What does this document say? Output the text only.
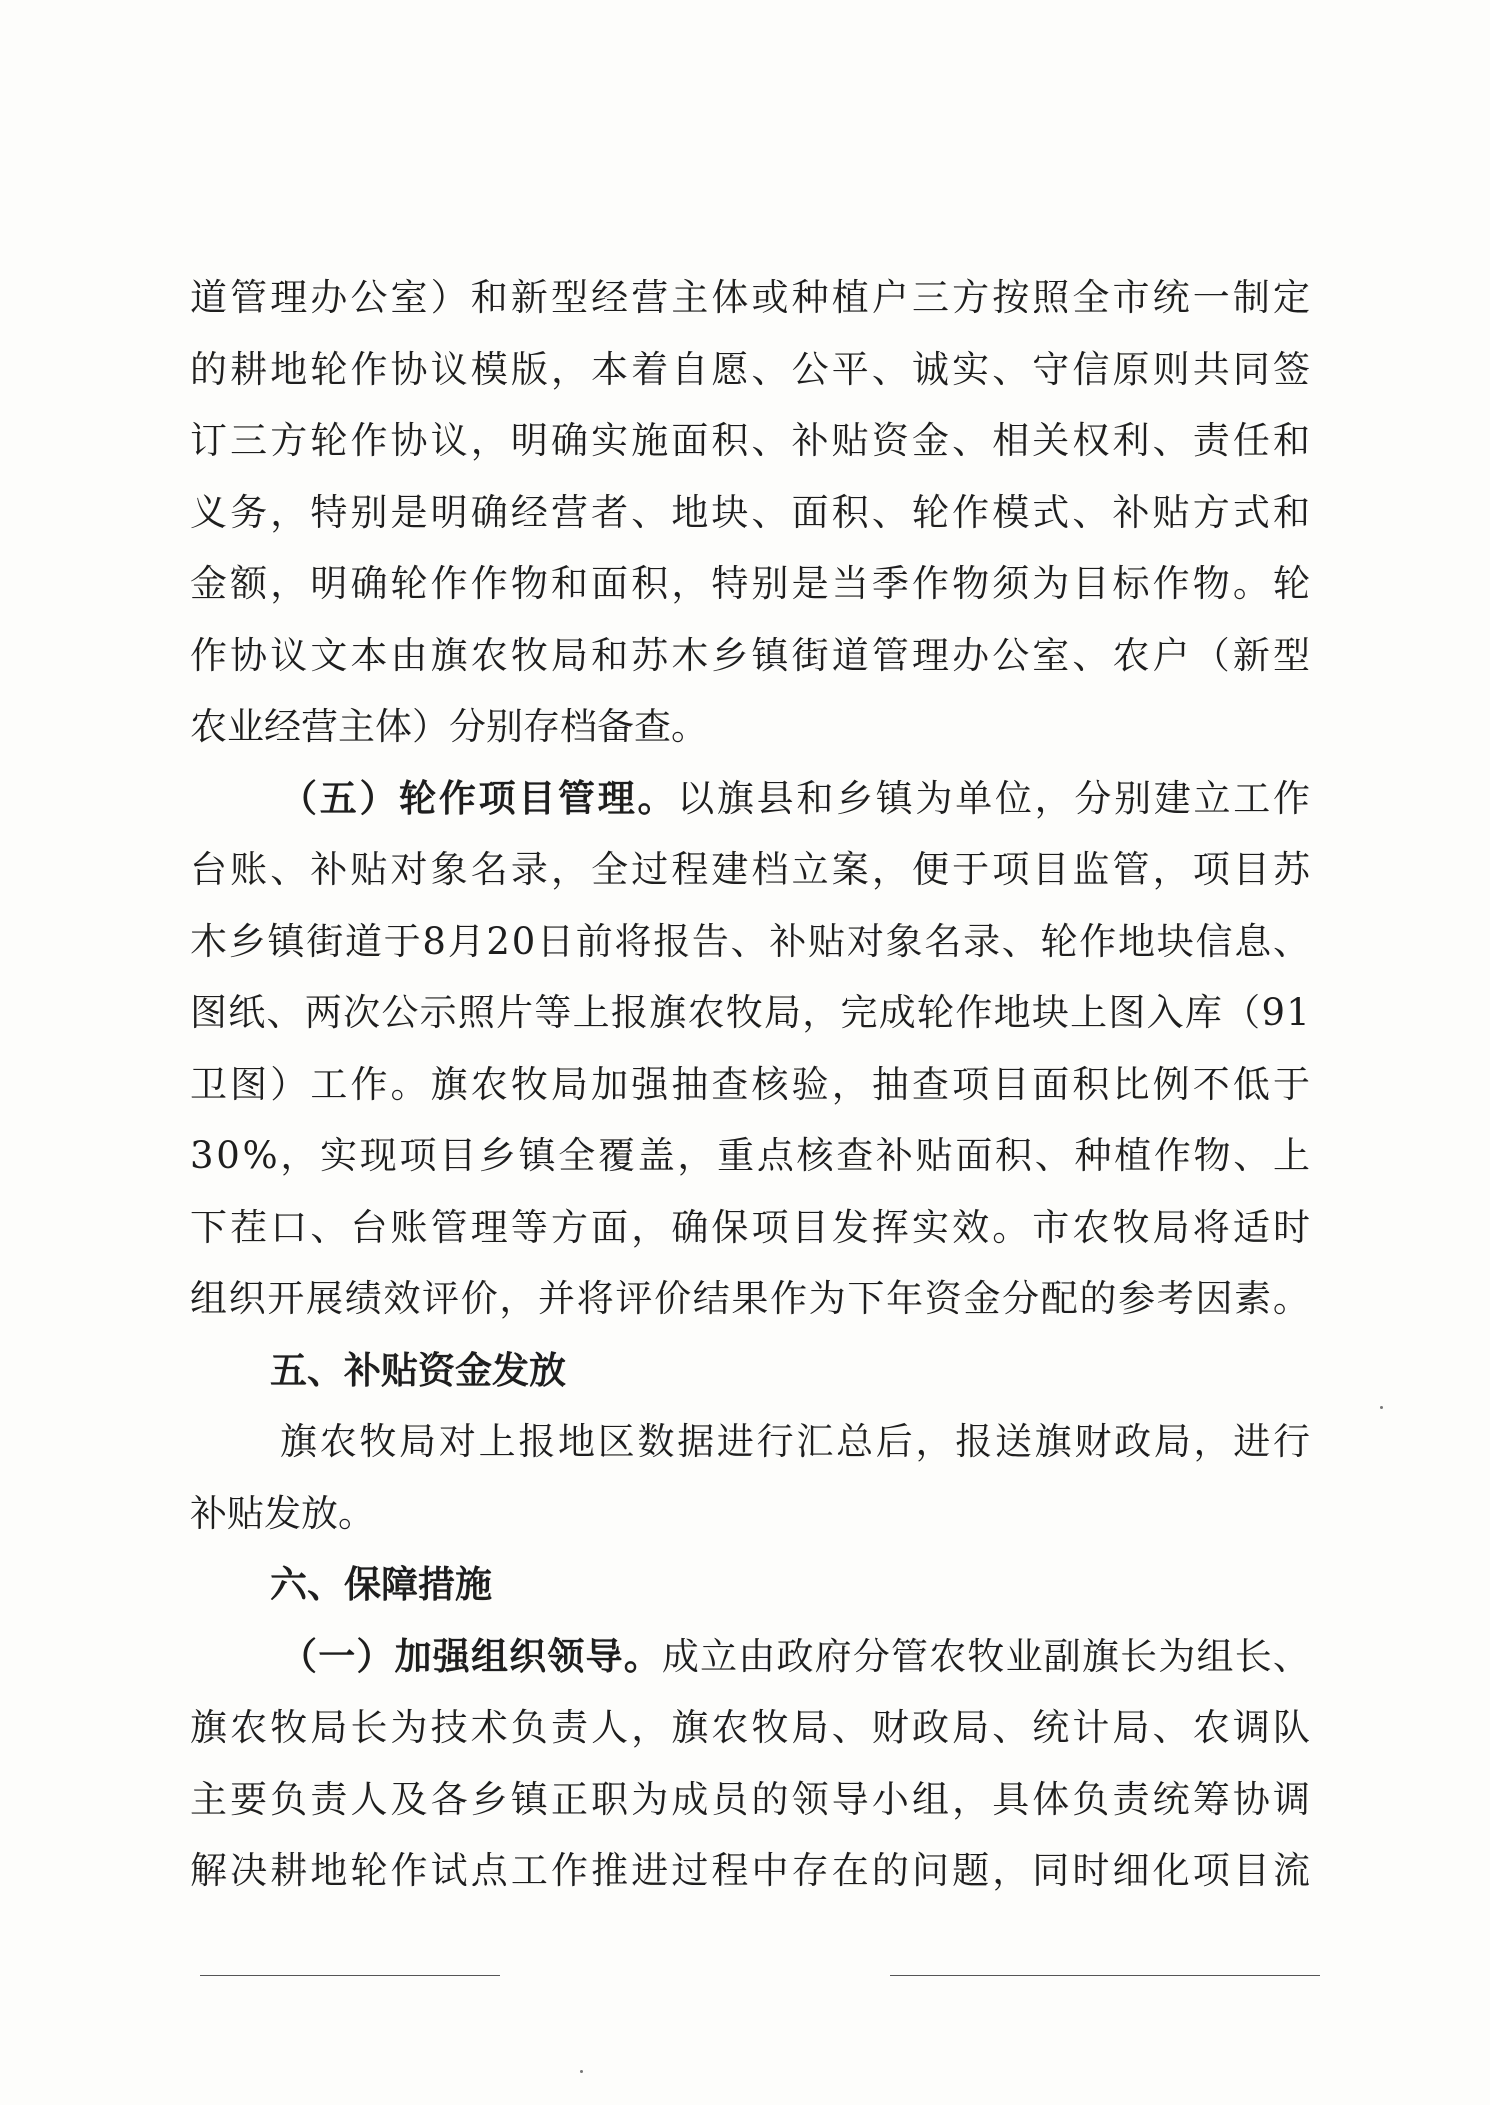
道 管 理 办 公 室 ） 和 新 型 经 营 主 体 或 种 植 户 三 方 按 照 全 市 统 一 制 定
的 耕 地 轮 作 协 议 模 版 ， 本 着 自 愿 、 公 平 、 诚 实 、 守 信 原 则 共 同 签
订 三 方 轮 作 协 议 ， 明 确 实 施 面 积 、 补 贴 资 金 、 相 关 权 利 、 责 任 和
义 务 ， 特 别 是 明 确 经 营 者 、 地 块 、 面 积 、 轮 作 模 式 、 补 贴 方 式 和
金 额 ， 明 确 轮 作 作 物 和 面 积 ， 特 别 是 当 季 作 物 须 为 目 标 作 物 。 轮
作 协 议 文 本 由 旗 农 牧 局 和 苏 木 乡 镇 街 道 管 理 办 公 室 、 农 户 （ 新 型
农业经营主体）分别存档备查。
（ 五 ） 轮 作 项 目 管 理 。 以 旗 县 和 乡 镇 为 单 位 ， 分 别 建 立 工 作
台 账 、 补 贴 对 象 名 录 ， 全 过 程 建 档 立 案 ， 便 于 项 目 监 管 ， 项 目 苏
木 乡 镇 街 道 于 8 月 2 0 日 前 将 报 告 、 补 贴 对 象 名 录 、 轮 作 地 块 信 息 、
图 纸 、 两 次 公 示 照 片 等 上 报 旗 农 牧 局 ， 完 成 轮 作 地 块 上 图 入 库 （ 9 1
卫 图 ） 工 作 。 旗 农 牧 局 加 强 抽 查 核 验 ， 抽 查 项 目 面 积 比 例 不 低 于
3 0 % ， 实 现 项 目 乡 镇 全 覆 盖 ， 重 点 核 查 补 贴 面 积 、 种 植 作 物 、 上
下 茬 口 、 台 账 管 理 等 方 面 ， 确 保 项 目 发 挥 实 效 。 市 农 牧 局 将 适 时
组 织 开 展 绩 效 评 价 ， 并 将 评 价 结 果 作 为 下 年 资 金 分 配 的 参 考 因 素 。
五、补贴资金发放
旗 农 牧 局 对 上 报 地 区 数 据 进 行 汇 总 后 ， 报 送 旗 财 政 局 ， 进 行
补贴发放。
六、保障措施
（ 一 ） 加 强 组 织 领 导 。 成 立 由 政 府 分 管 农 牧 业 副 旗 长 为 组 长 、
旗 农 牧 局 长 为 技 术 负 责 人 ， 旗 农 牧 局 、 财 政 局 、 统 计 局 、 农 调 队
主 要 负 责 人 及 各 乡 镇 正 职 为 成 员 的 领 导 小 组 ， 具 体 负 责 统 筹 协 调
解 决 耕 地 轮 作 试 点 工 作 推 进 过 程 中 存 在 的 问 题 ， 同 时 细 化 项 目 流
